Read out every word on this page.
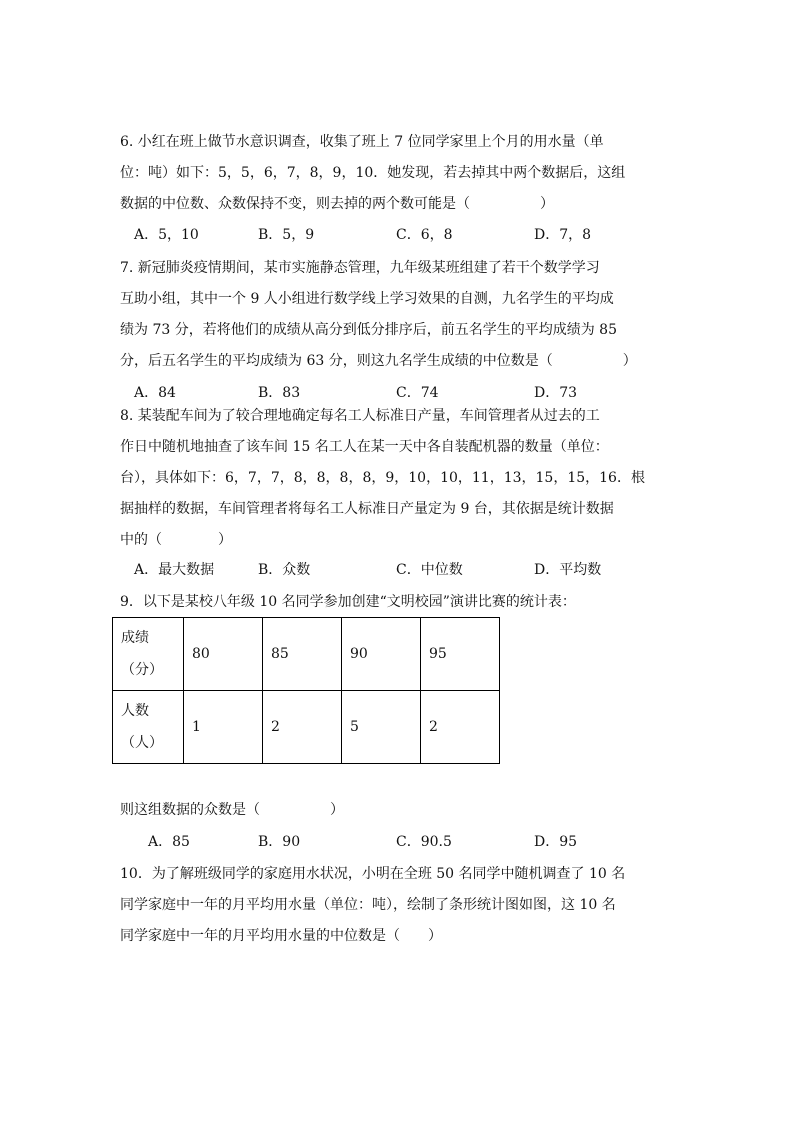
6. 小红在班上做节水意识调查，收集了班上 7 位同学家里上个月的用水量（单
位：吨）如下：5，5，6，7，8，9，10．她发现，若去掉其中两个数据后，这组
数据的中位数、众数保持不变，则去掉的两个数可能是（　　　　　）
A．5，10	B．5，9	C．6，8	D．7，8
7. 新冠肺炎疫情期间，某市实施静态管理，九年级某班组建了若干个数学学习
互助小组，其中一个 9 人小组进行数学线上学习效果的自测，九名学生的平均成
绩为 73 分，若将他们的成绩从高分到低分排序后，前五名学生的平均成绩为 85
分，后五名学生的平均成绩为 63 分，则这九名学生成绩的中位数是（　　　　　）
A．84	B．83	C．74	D．73
8. 某装配车间为了较合理地确定每名工人标准日产量，车间管理者从过去的工
作日中随机地抽查了该车间 15 名工人在某一天中各自装配机器的数量（单位：
台），具体如下：6，7，7，8，8，8，8，9，10，10，11，13，15，15，16．根
据抽样的数据，车间管理者将每名工人标准日产量定为 9 台，其依据是统计数据
中的（　　　　）
A．最大数据	B．众数	C．中位数	D．平均数
9．以下是某校八年级 10 名同学参加创建“文明校园”演讲比赛的统计表：
成绩
（分）	80	85	90	95
人数
（人）	1	2	5	2
则这组数据的众数是（　　　　　）
A．85	B．90	C．90.5	D．95
10．为了解班级同学的家庭用水状况，小明在全班 50 名同学中随机调查了 10 名
同学家庭中一年的月平均用水量（单位：吨），绘制了条形统计图如图，这 10 名
同学家庭中一年的月平均用水量的中位数是（　　）
